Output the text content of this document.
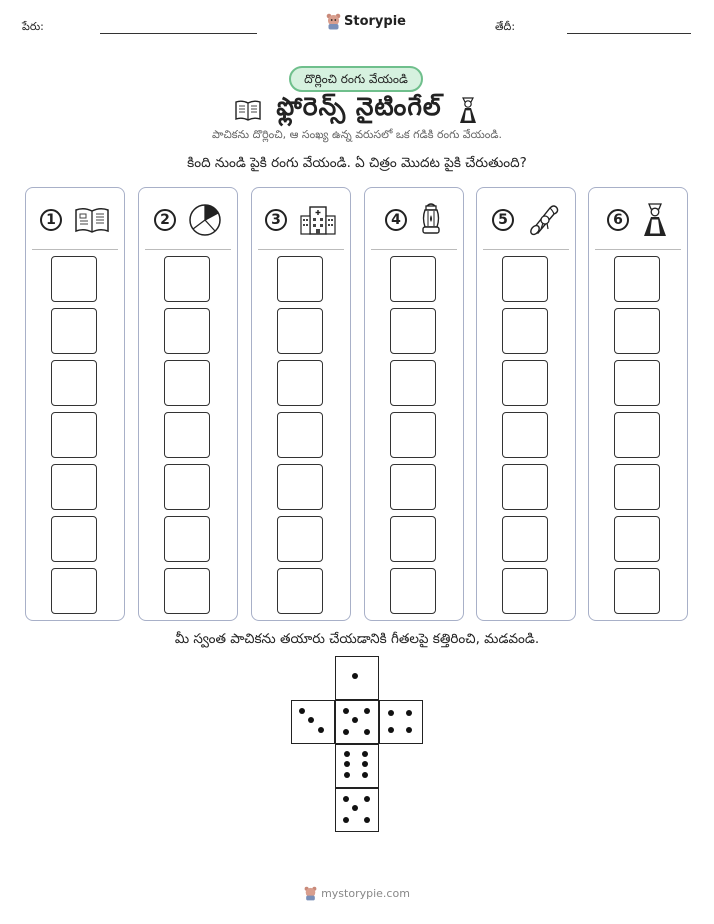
పేరు:	Storypie	తేదీ:
దొర్లించి రంగు వేయండి
ఫ్లోరెన్స్ నైటింగేల్
పాచికను దొర్లించి, ఆ సంఖ్య ఉన్న వరుసలో ఒక గడికి రంగు వేయండి.
కింది నుండి పైకి రంగు వేయండి. ఏ చిత్రం మొదట పైకి చేరుతుంది?
1	2	3	4	5	6
మీ స్వంత పాచికను తయారు చేయడానికి గీతలపై కత్తిరించి, మడవండి.
mystorypie.com
